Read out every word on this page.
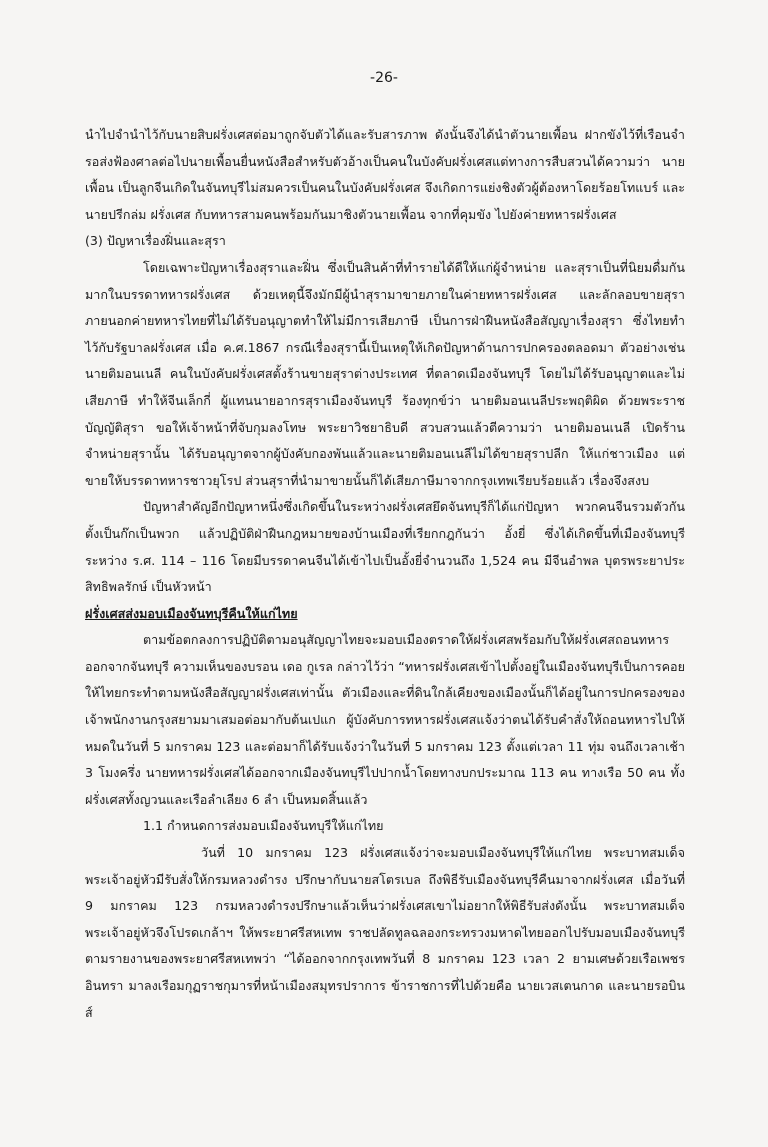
-26-

นำไปจำนำไว้กับนายสิบฝรั่งเศสต่อมาถูกจับตัวได้และรับสารภาพ ดังนั้นจึงได้นำตัวนายเพื้อน ฝากขังไว้ที่เรือนจำรอส่งฟ้องศาลต่อไปนายเพื้อนยื่นหนังสือสำหรับตัวอ้างเป็นคนในบังคับฝรั่งเศสแต่ทางการสืบสวนได้ความว่า นายเพื้อน เป็นลูกจีนเกิดในจันทบุรีไม่สมควรเป็นคนในบังคับฝรั่งเศส จึงเกิดการแย่งชิงตัวผู้ต้องหาโดยร้อยโทแบร์ และนายปรีกล่ม ฝรั่งเศส กับทหารสามคนพร้อมกันมาชิงตัวนายเพื้อน จากที่คุมขัง ไปยังค่ายทหารฝรั่งเศส

(3) ปัญหาเรื่องฝิ่นและสุรา

โดยเฉพาะปัญหาเรื่องสุราและฝิ่น ซึ่งเป็นสินค้าที่ทำรายได้ดีให้แก่ผู้จำหน่าย และสุราเป็นที่นิยมดื่มกันมากในบรรดาทหารฝรั่งเศส ด้วยเหตุนี้จึงมักมีผู้นำสุรามาขายภายในค่ายทหารฝรั่งเศส และลักลอบขายสุราภายนอกค่ายทหารไทยที่ไม่ได้รับอนุญาตทำให้ไม่มีการเสียภาษี เป็นการฝ่าฝืนหนังสือสัญญาเรื่องสุรา ซึ่งไทยทำไว้กับรัฐบาลฝรั่งเศส เมื่อ ค.ศ.1867 กรณีเรื่องสุรานี้เป็นเหตุให้เกิดปัญหาด้านการปกครองตลอดมา ตัวอย่างเช่น นายติมอนเนลี คนในบังคับฝรั่งเศสตั้งร้านขายสุราต่างประเทศ ที่ตลาดเมืองจันทบุรี โดยไม่ได้รับอนุญาตและไม่เสียภาษี ทำให้จีนเล็กกี่ ผู้แทนนายอากรสุราเมืองจันทบุรี ร้องทุกข์ว่า นายติมอนเนลีประพฤติผิด ด้วยพระราชบัญญัติสุรา ขอให้เจ้าหน้าที่จับกุมลงโทษ พระยาวิชยาธิบดี สวบสวนแล้วตีความว่า นายติมอนเนลี เปิดร้านจำหน่ายสุรานั้น ได้รับอนุญาตจากผู้บังคับกองพันแล้วและนายติมอนเนลีไม่ได้ขายสุราปลีก ให้แก่ชาวเมือง แต่ขายให้บรรดาทหารชาวยุโรป ส่วนสุราที่นำมาขายนั้นก็ได้เสียภาษีมาจากกรุงเทพเรียบร้อยแล้ว เรื่องจึงสงบ

ปัญหาสำคัญอีกปัญหาหนึ่งซึ่งเกิดขึ้นในระหว่างฝรั่งเศสยึดจันทบุรีก็ได้แก่ปัญหา พวกคนจีนรวมตัวกันตั้งเป็นก๊กเป็นพวก แล้วปฏิบัติฝ่าฝืนกฎหมายของบ้านเมืองที่เรียกกฎกันว่า อั้งยี่ ซึ่งได้เกิดขึ้นที่เมืองจันทบุรี ระหว่าง ร.ศ. 114 – 116 โดยมีบรรดาคนจีนได้เข้าไปเป็นอั้งยี่จำนวนถึง 1,524 คน มีจีนอำพล บุตรพระยาประสิทธิพลรักษ์ เป็นหัวหน้า

ฝรั่งเศสส่งมอบเมืองจันทบุรีคืนให้แก่ไทย

ตามข้อตกลงการปฏิบัติตามอนุสัญญาไทยจะมอบเมืองตราดให้ฝรั่งเศสพร้อมกับให้ฝรั่งเศสถอนทหารออกจากจันทบุรี ความเห็นของบรอน เดอ กูเรล กล่าวไว้ว่า “ทหารฝรั่งเศสเข้าไปตั้งอยู่ในเมืองจันทบุรีเป็นการคอยให้ไทยกระทำตามหนังสือสัญญาฝรั่งเศสเท่านั้น ตัวเมืองและที่ดินใกล้เคียงของเมืองนั้นก็ได้อยู่ในการปกครองของเจ้าพนักงานกรุงสยามมาเสมอต่อมากับต้นเปแก ผู้บังคับการทหารฝรั่งเศสแจ้งว่าตนได้รับคำสั่งให้ถอนทหารไปให้หมดในวันที่ 5 มกราคม 123 และต่อมาก็ได้รับแจ้งว่าในวันที่ 5 มกราคม 123 ตั้งแต่เวลา 11 ทุ่ม จนถึงเวลาเช้า 3 โมงครึ่ง นายทหารฝรั่งเศสได้ออกจากเมืองจันทบุรีไปปากน้ำโดยทางบกประมาณ 113 คน ทางเรือ 50 คน ทั้งฝรั่งเศสทั้งญวนและเรือลำเลียง 6 ลำ เป็นหมดสิ้นแล้ว

1.1 กำหนดการส่งมอบเมืองจันทบุรีให้แก่ไทย

วันที่ 10 มกราคม 123 ฝรั่งเศสแจ้งว่าจะมอบเมืองจันทบุรีให้แก่ไทย พระบาทสมเด็จพระเจ้าอยู่หัวมีรับสั่งให้กรมหลวงดำรง ปรึกษากับนายสโตรเบล ถึงพิธีรับเมืองจันทบุรีคืนมาจากฝรั่งเศส เมื่อวันที่ 9 มกราคม 123 กรมหลวงดำรงปรึกษาแล้วเห็นว่าฝรั่งเศสเขาไม่อยากให้พิธีรับส่งดังนั้น พระบาทสมเด็จพระเจ้าอยู่หัวจึงโปรดเกล้าฯ ให้พระยาศรีสหเทพ ราชปลัดทูลฉลองกระทรวงมหาดไทยออกไปรับมอบเมืองจันทบุรี ตามรายงานของพระยาศรีสหเทพว่า “ได้ออกจากกรุงเทพวันที่ 8 มกราคม 123 เวลา 2 ยามเศษด้วยเรือเพชรอินทรา มาลงเรือมกุฏราชกุมารที่หน้าเมืองสมุทรปราการ ข้าราชการที่ไปด้วยคือ นายเวสเตนกาด และนายรอบินส์
